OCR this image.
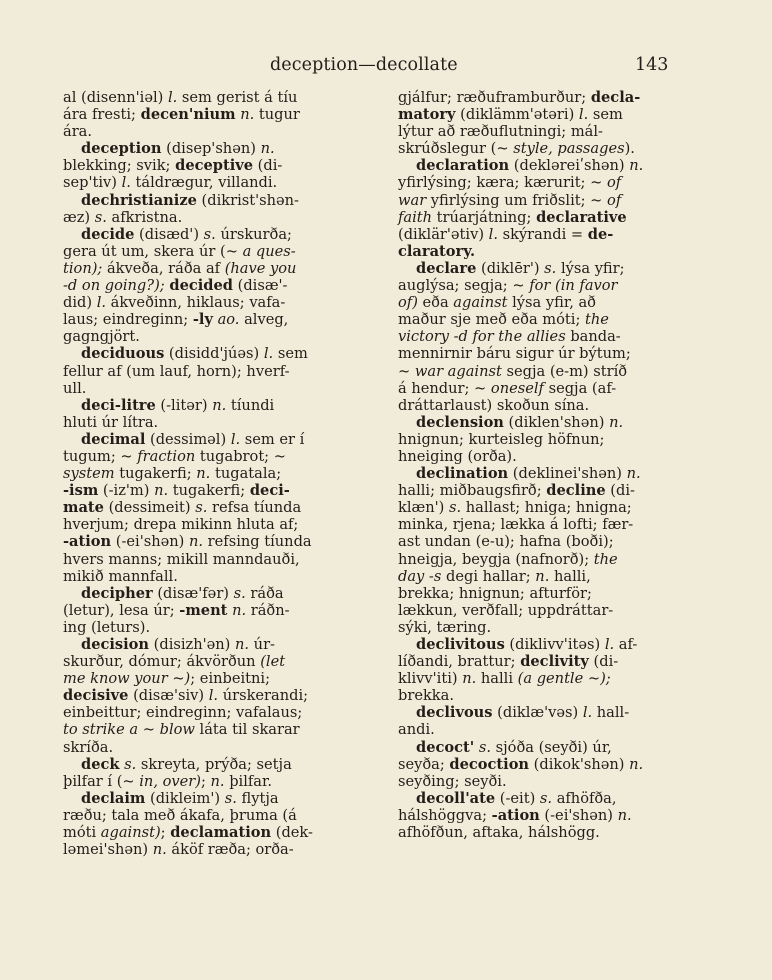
deception—decollate	143
al (disenn'iəl) l. sem gerist á tíu
ára fresti; decen'nium n. tugur
ára.
deception (disep'shən) n.
blekking; svik; deceptive (di-
sep'tiv) l. táldrægur, villandi.
dechristianize (dikrist'shən-
æz) s. afkristna.
decide (disæd') s. úrskurða;
gera út um, skera úr (~ a ques-
tion); ákveða, ráða af (have you
-d on going?); decided (disæ'-
did) l. ákveðinn, hiklaus; vafa-
laus; eindreginn; -ly ao. alveg,
gagngjört.
deciduous (disidd'júəs) l. sem
fellur af (um lauf, horn); hverf-
ull.
deci-litre (-litər) n. tíundi
hluti úr lítra.
decimal (dessiməl) l. sem er í
tugum; ~ fraction tugabrot; ~
system tugakerfi; n. tugatala;
-ism (-iz'm) n. tugakerfi; deci-
mate (dessimeit) s. refsa tíunda
hverjum; drepa mikinn hluta af;
-ation (-ei'shən) n. refsing tíunda
hvers manns; mikill manndauði,
mikið mannfall.
decipher (disæ'fər) s. ráða
(letur), lesa úr; -ment n. ráðn-
ing (leturs).
decision (disizh'ən) n. úr-
skurður, dómur; ákvörðun (let
me know your ~); einbeitni;
decisive (disæ'siv) l. úrskerandi;
einbeittur; eindreginn; vafalaus;
to strike a ~ blow láta til skarar
skríða.
deck s. skreyta, prýða; setja
þilfar í (~ in, over); n. þilfar.
declaim (dikleim') s. flytja
ræðu; tala með ákafa, þruma (á
móti against); declamation (dek-
ləmei'shən) n. áköf ræða; orða-
gjálfur; ræðuframburður; decla-
matory (diklämm'ətəri) l. sem
lýtur að ræðuflutningi; mál-
skrúðslegur (~ style, passages).
declaration (dekləreiʹshən) n.
yfirlýsing; kæra; kærurit; ~ of
war yfirlýsing um friðslit; ~ of
faith trúarjátning; declarative
(diklär'ətiv) l. skýrandi = de-
claratory.
declare (diklēr') s. lýsa yfir;
auglýsa; segja; ~ for (in favor
of) eða against lýsa yfir, að
maður sje með eða móti; the
victory -d for the allies banda-
mennirnir báru sigur úr býtum;
~ war against segja (e-m) stríð
á hendur; ~ oneself segja (af-
dráttarlaust) skoðun sína.
declension (diklen'shən) n.
hnignun; kurteisleg höfnun;
hneiging (orða).
declination (deklinei'shən) n.
halli; miðbaugsfirð; decline (di-
klæn') s. hallast; hniga; hnigna;
minka, rjena; lækka á lofti; fær-
ast undan (e-u); hafna (boði);
hneigja, beygja (nafnorð); the
day -s degi hallar; n. halli,
brekka; hnignun; afturför;
lækkun, verðfall; uppdráttar-
sýki, tæring.
declivitous (diklivv'itəs) l. af-
líðandi, brattur; declivity (di-
klivv'iti) n. halli (a gentle ~);
brekka.
declivous (diklæ'vəs) l. hall-
andi.
decoct' s. sjóða (seyði) úr,
seyða; decoction (dikok'shən) n.
seyðing; seyði.
decoll'ate (-eit) s. afhöfða,
hálshöggva; -ation (-ei'shən) n.
afhöfðun, aftaka, hálshögg.
